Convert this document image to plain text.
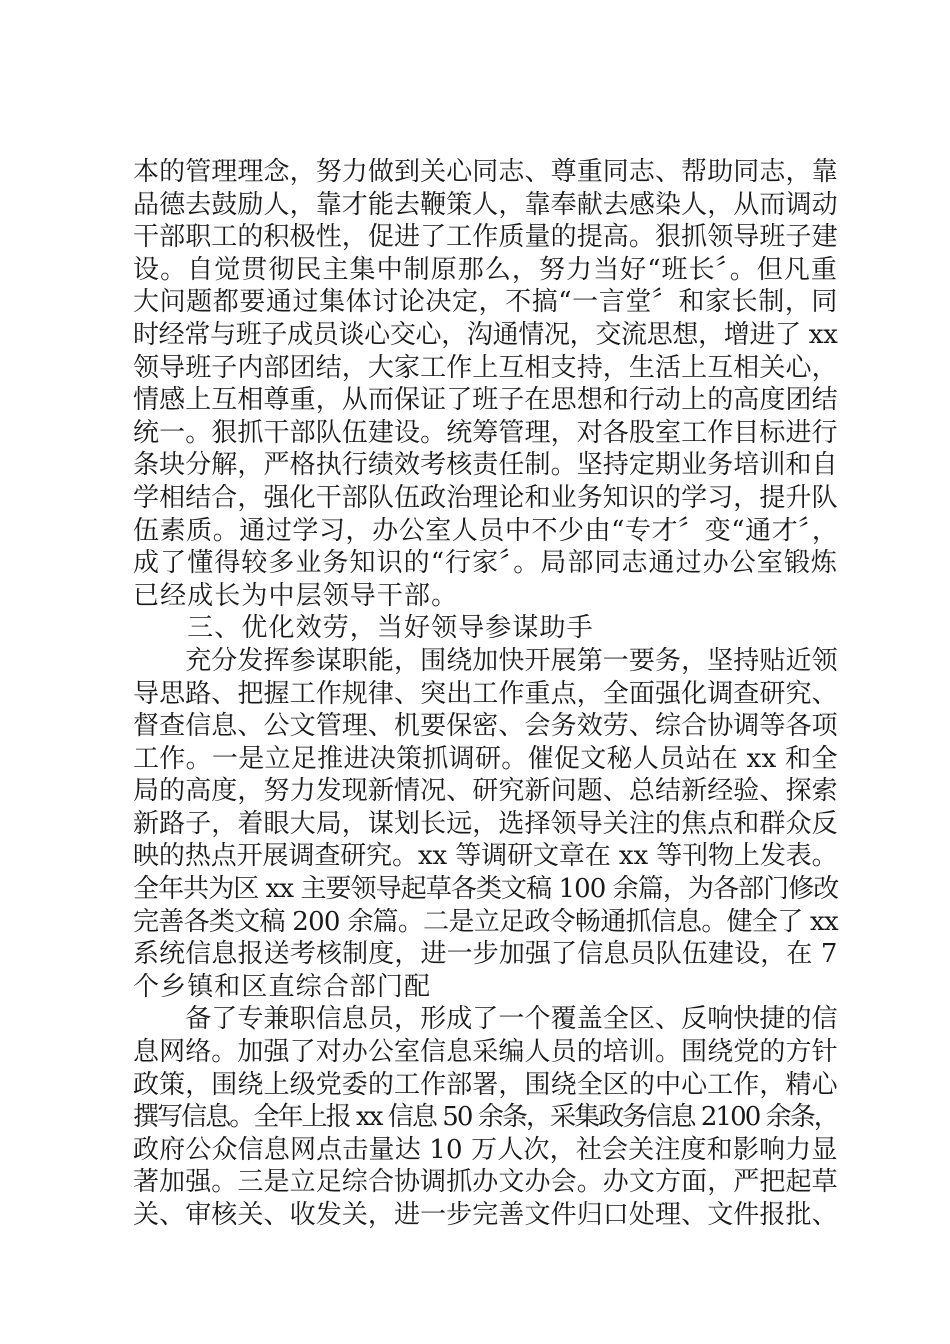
本的管理理念，努力做到关心同志、尊重同志、帮助同志，靠
品德去鼓励人，靠才能去鞭策人，靠奉献去感染人，从而调动
干部职工的积极性，促进了工作质量的提高。狠抓领导班子建
设。自觉贯彻民主集中制原那么，努力当好“班长〞。但凡重
大问题都要通过集体讨论决定，不搞“一言堂〞和家长制，同
时经常与班子成员谈心交心，沟通情况，交流思想，增进了 xx
领导班子内部团结，大家工作上互相支持，生活上互相关心，
情感上互相尊重，从而保证了班子在思想和行动上的高度团结
统一。狠抓干部队伍建设。统筹管理，对各股室工作目标进行
条块分解，严格执行绩效考核责任制。坚持定期业务培训和自
学相结合，强化干部队伍政治理论和业务知识的学习，提升队
伍素质。通过学习，办公室人员中不少由“专才〞变“通才〞，
成了懂得较多业务知识的“行家〞。局部同志通过办公室锻炼
已经成长为中层领导干部。
　　三、优化效劳，当好领导参谋助手
　　充分发挥参谋职能，围绕加快开展第一要务，坚持贴近领
导思路、把握工作规律、突出工作重点，全面强化调查研究、
督查信息、公文管理、机要保密、会务效劳、综合协调等各项
工作。一是立足推进决策抓调研。催促文秘人员站在 xx 和全
局的高度，努力发现新情况、研究新问题、总结新经验、探索
新路子，着眼大局，谋划长远，选择领导关注的焦点和群众反
映的热点开展调查研究。xx 等调研文章在 xx 等刊物上发表。
全年共为区 xx 主要领导起草各类文稿 100 余篇，为各部门修改
完善各类文稿 200 余篇。二是立足政令畅通抓信息。健全了 xx
系统信息报送考核制度，进一步加强了信息员队伍建设，在 7
个乡镇和区直综合部门配
　　备了专兼职信息员，形成了一个覆盖全区、反响快捷的信
息网络。加强了对办公室信息采编人员的培训。围绕党的方针
政策，围绕上级党委的工作部署，围绕全区的中心工作，精心
撰写信息。全年上报 xx 信息 50 余条，采集政务信息 2100 余条，
政府公众信息网点击量达 10 万人次，社会关注度和影响力显
著加强。三是立足综合协调抓办文办会。办文方面，严把起草
关、审核关、收发关，进一步完善文件归口处理、文件报批、
